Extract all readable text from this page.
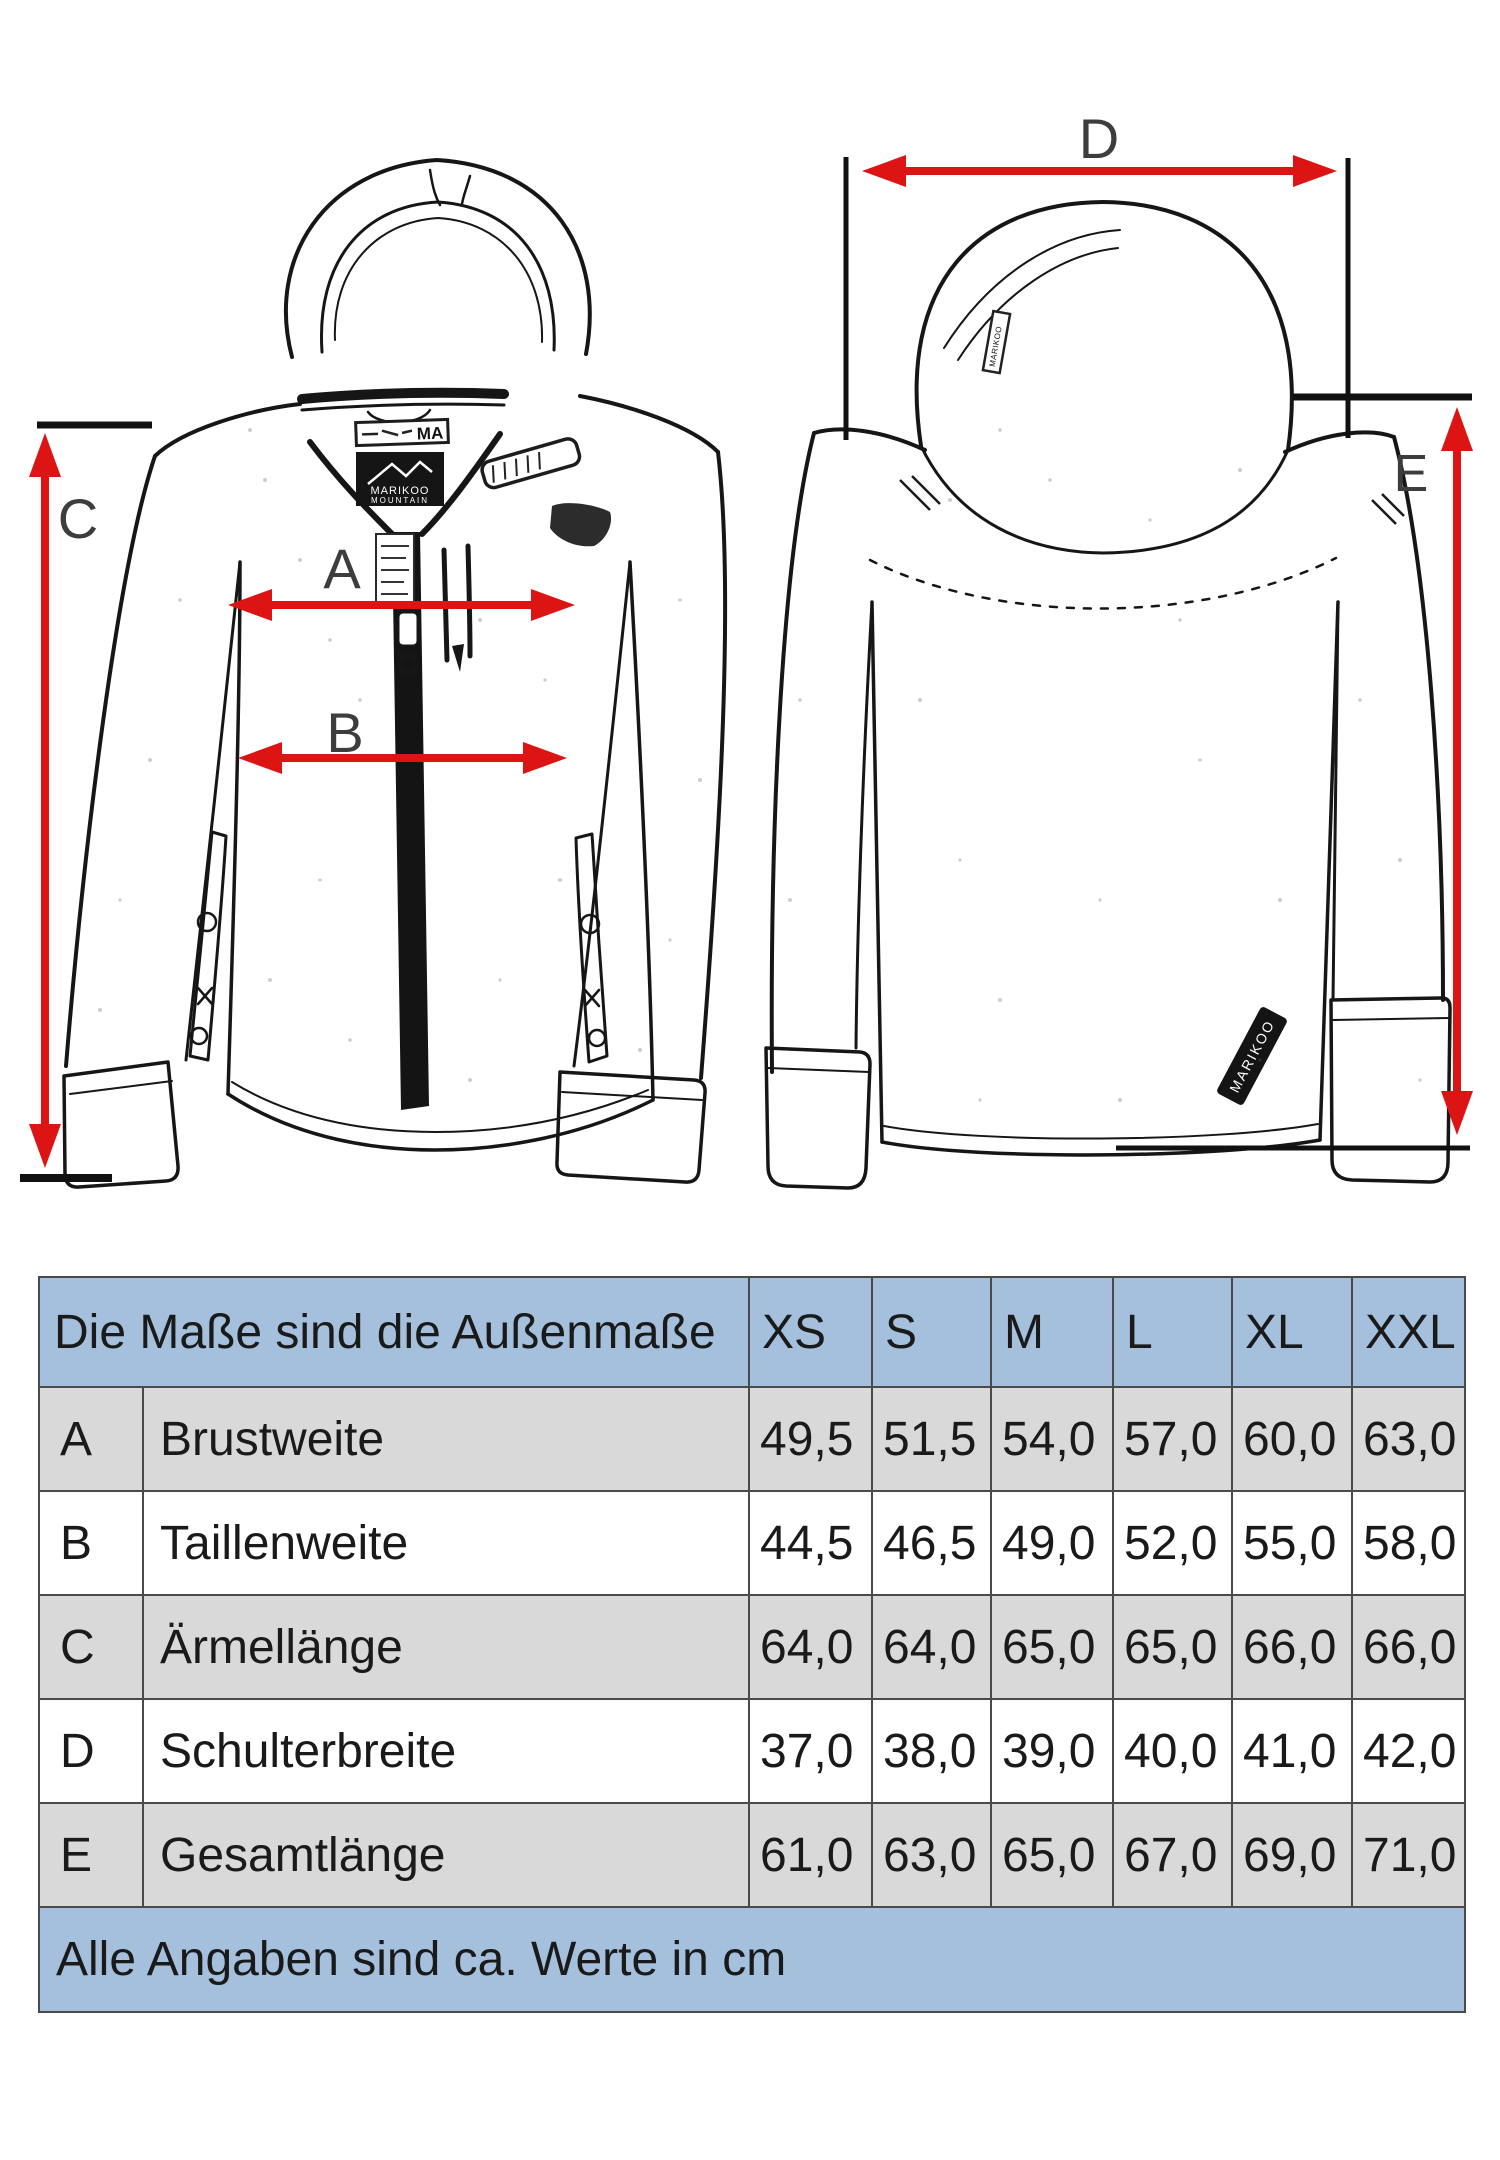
MA
MARIKOO
MOUNTAIN
MARIKOO
MARIKOO
A
B
C
D
E
Die Maße sind die Außenmaße		XS	S	M	L	XL	XXL
A	Brustweite	49,5	51,5	54,0	57,0	60,0	63,0
B	Taillenweite	44,5	46,5	49,0	52,0	55,0	58,0
C	Ärmellänge	64,0	64,0	65,0	65,0	66,0	66,0
D	Schulterbreite	37,0	38,0	39,0	40,0	41,0	42,0
E	Gesamtlänge	61,0	63,0	65,0	67,0	69,0	71,0
Alle Angaben sind ca. Werte in cm							
